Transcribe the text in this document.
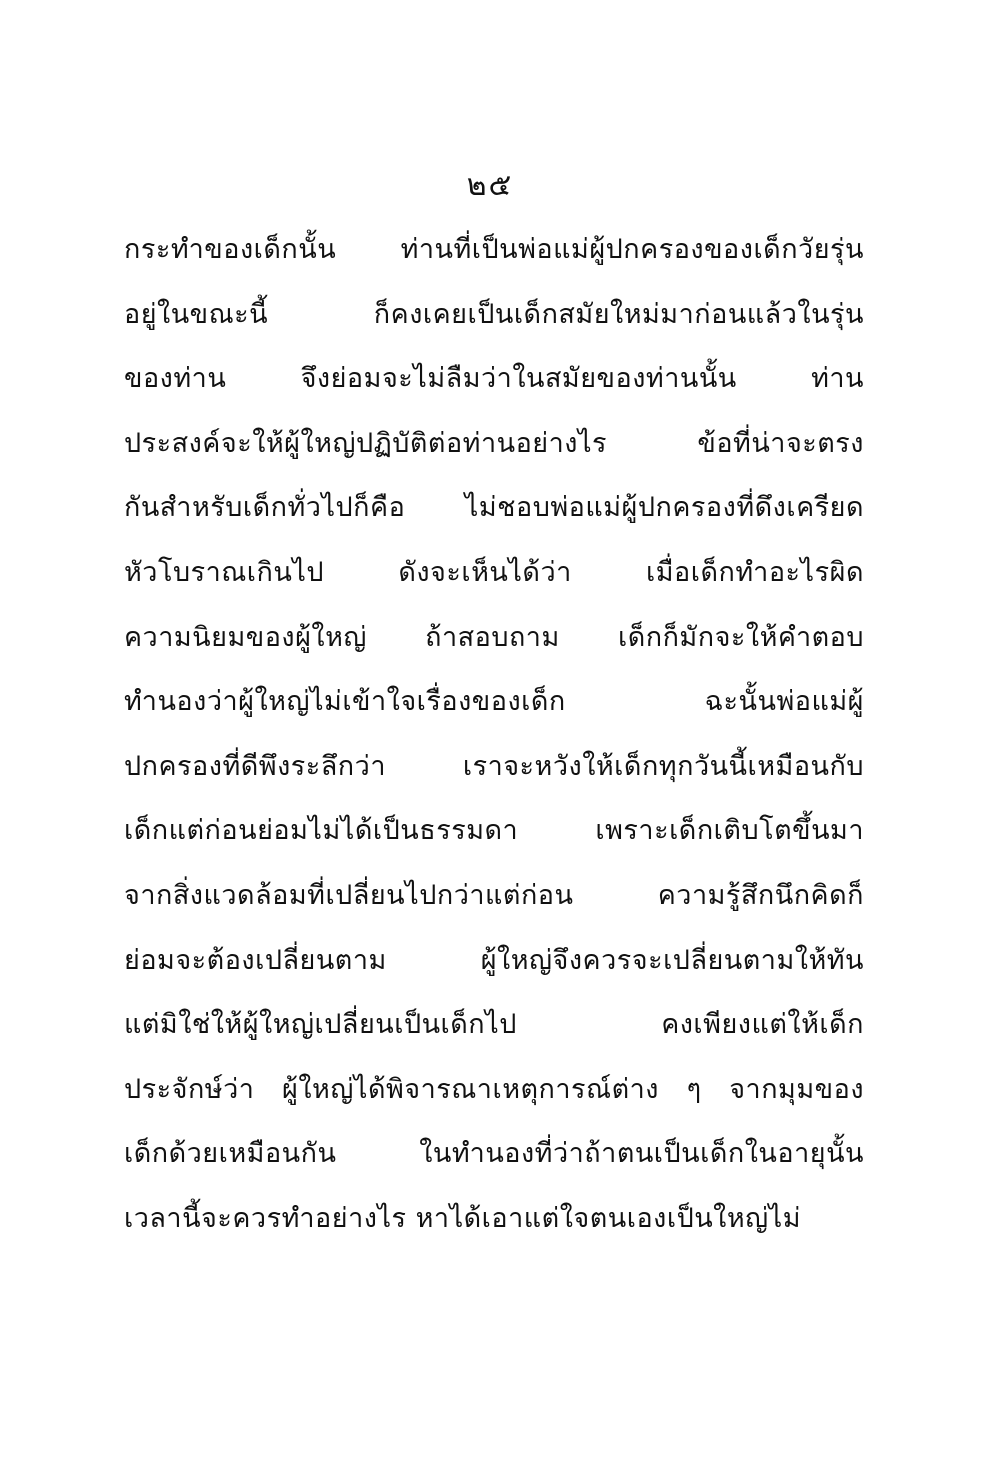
๒๕
กระทำของเด็กนั้น ท่านที่เป็นพ่อแม่ผู้ปกครองของเด็กวัยรุ่น
อยู่ในขณะนี้ ก็คงเคยเป็นเด็กสมัยใหม่มาก่อนแล้วในรุ่น
ของท่าน จึงย่อมจะไม่ลืมว่าในสมัยของท่านนั้น ท่าน
ประสงค์จะให้ผู้ใหญ่ปฏิบัติต่อท่านอย่างไร ข้อที่น่าจะตรง
กันสำหรับเด็กทั่วไปก็คือ ไม่ชอบพ่อแม่ผู้ปกครองที่ดึงเครียด
หัวโบราณเกินไป ดังจะเห็นได้ว่า เมื่อเด็กทำอะไรผิด
ความนิยมของผู้ใหญ่ ถ้าสอบถาม เด็กก็มักจะให้คำตอบ
ทำนองว่าผู้ใหญ่ไม่เข้าใจเรื่องของเด็ก ฉะนั้นพ่อแม่ผู้
ปกครองที่ดีพึงระลึกว่า เราจะหวังให้เด็กทุกวันนี้เหมือนกับ
เด็กแต่ก่อนย่อมไม่ได้เป็นธรรมดา เพราะเด็กเติบโตขึ้นมา
จากสิ่งแวดล้อมที่เปลี่ยนไปกว่าแต่ก่อน ความรู้สึกนึกคิดก็
ย่อมจะต้องเปลี่ยนตาม ผู้ใหญ่จึงควรจะเปลี่ยนตามให้ทัน
แต่มิใช่ให้ผู้ใหญ่เปลี่ยนเป็นเด็กไป คงเพียงแต่ให้เด็ก
ประจักษ์ว่า ผู้ใหญ่ได้พิจารณาเหตุการณ์ต่าง ๆ จากมุมของ
เด็กด้วยเหมือนกัน ในทำนองที่ว่าถ้าตนเป็นเด็กในอายุนั้น
เวลานี้จะควรทำอย่างไร หาได้เอาแต่ใจตนเองเป็นใหญ่ไม่
